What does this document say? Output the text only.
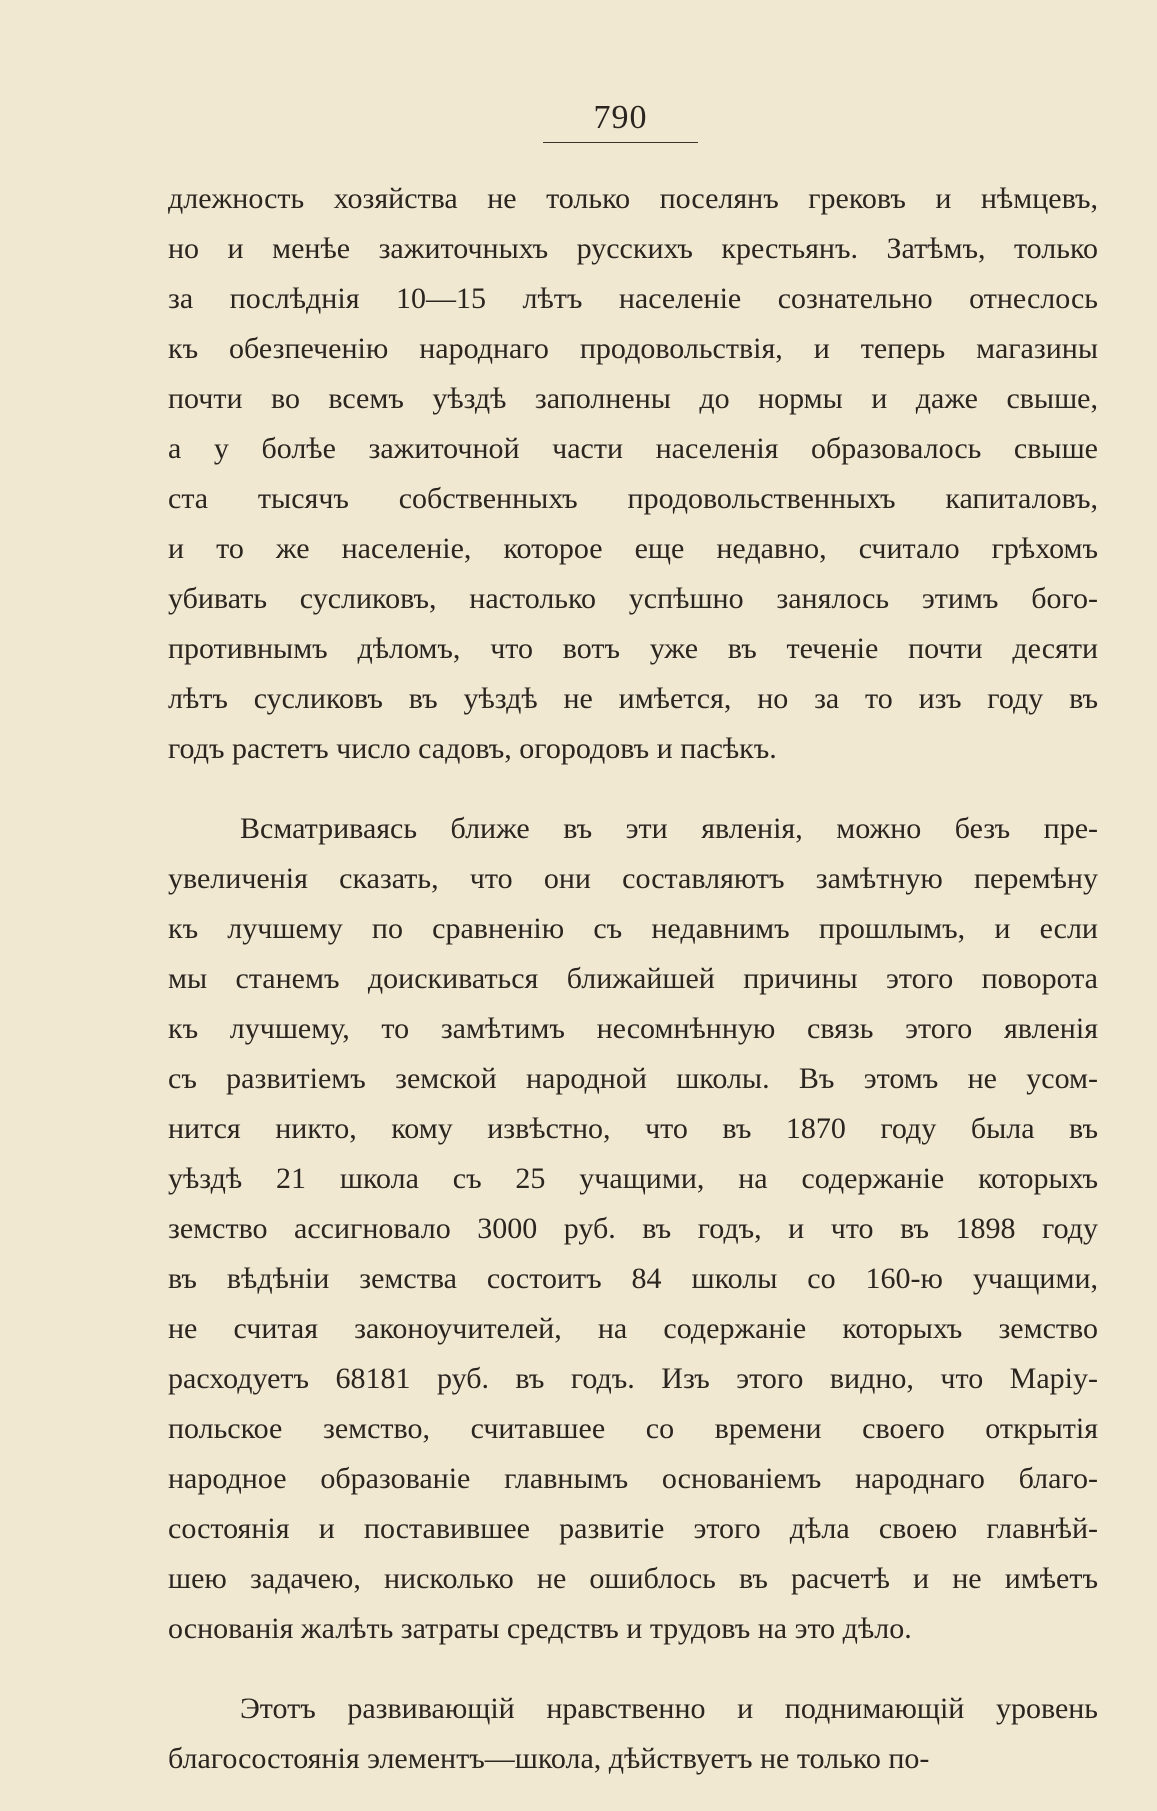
790
длежность хозяйства не только поселянъ грековъ и нѣмцевъ,
но и менѣе зажиточныхъ русскихъ крестьянъ. Затѣмъ, только
за послѣднія 10—15 лѣтъ населеніе сознательно отнеслось
къ обезпеченію народнаго продовольствія, и теперь магазины
почти во всемъ уѣздѣ заполнены до нормы и даже свыше,
а у болѣе зажиточной части населенія образовалось свыше
ста тысячъ собственныхъ продовольственныхъ капиталовъ,
и то же населеніе, которое еще недавно, считало грѣхомъ
убивать сусликовъ, настолько успѣшно занялось этимъ бого-
противнымъ дѣломъ, что вотъ уже въ теченіе почти десяти
лѣтъ сусликовъ въ уѣздѣ не имѣется, но за то изъ году въ
годъ растетъ число садовъ, огородовъ и пасѣкъ.
Всматриваясь ближе въ эти явленія, можно безъ пре-
увеличенія сказать, что они составляютъ замѣтную перемѣну
къ лучшему по сравненію съ недавнимъ прошлымъ, и если
мы станемъ доискиваться ближайшей причины этого поворота
къ лучшему, то замѣтимъ несомнѣнную связь этого явленія
съ развитіемъ земской народной школы. Въ этомъ не усом-
нится никто, кому извѣстно, что въ 1870 году была въ
уѣздѣ 21 школа съ 25 учащими, на содержаніе которыхъ
земство ассигновало 3000 руб. въ годъ, и что въ 1898 году
въ вѣдѣніи земства состоитъ 84 школы со 160-ю учащими,
не считая законоучителей, на содержаніе которыхъ земство
расходуетъ 68181 руб. въ годъ. Изъ этого видно, что Маріу-
польское земство, считавшее со времени своего открытія
народное образованіе главнымъ основаніемъ народнаго благо-
состоянія и поставившее развитіе этого дѣла своею главнѣй-
шею задачею, нисколько не ошиблось въ расчетѣ и не имѣетъ
основанія жалѣть затраты средствъ и трудовъ на это дѣло.
Этотъ развивающій нравственно и поднимающій уровень
благосостоянія элементъ—школа, дѣйствуетъ не только по-
